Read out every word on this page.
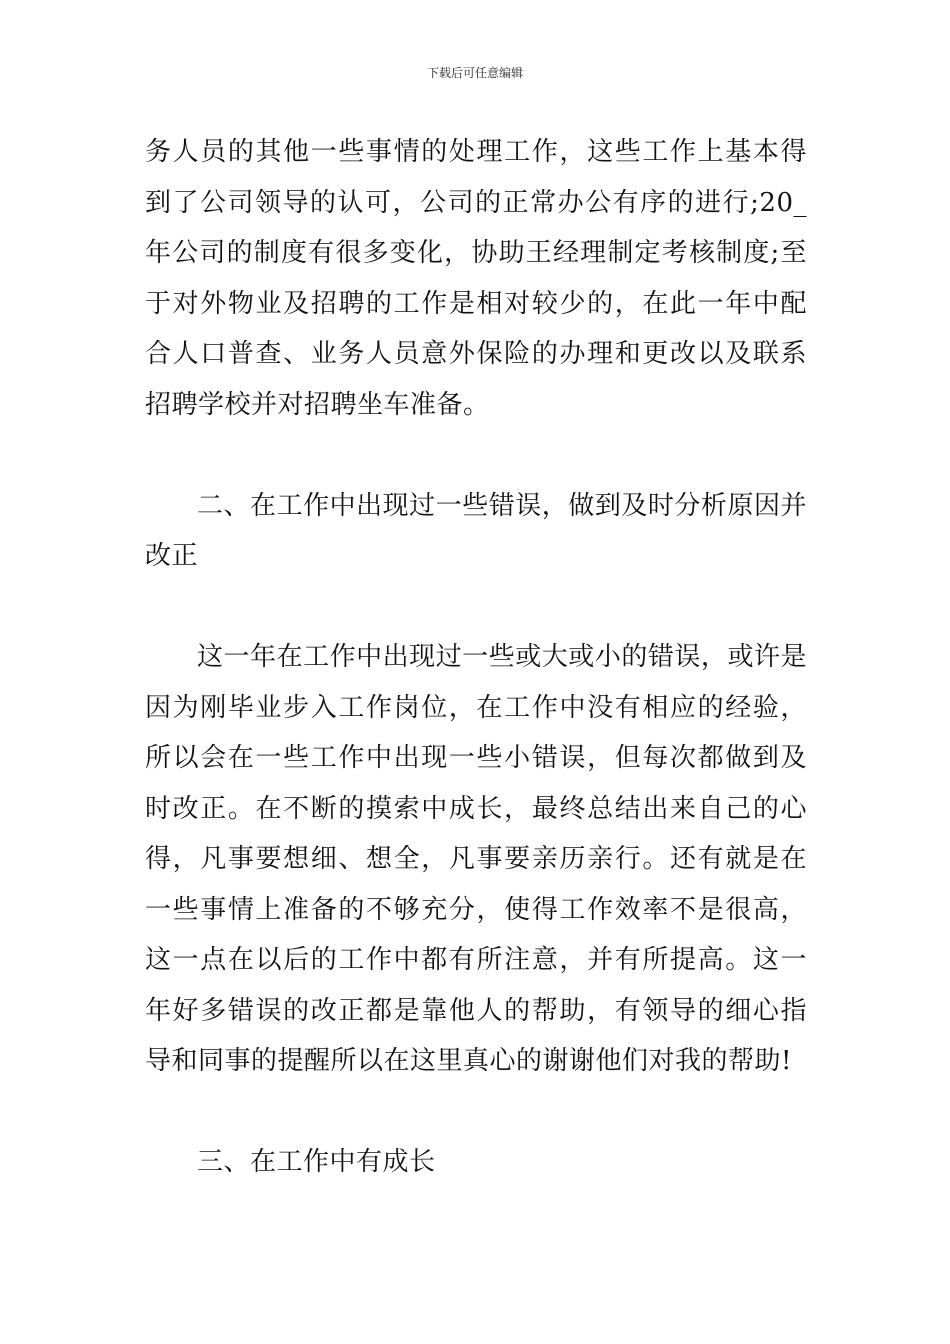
下载后可任意编辑

务人员的其他一些事情的处理工作，这些工作上基本得到了公司领导的认可，公司的正常办公有序的进行;20_年公司的制度有很多变化，协助王经理制定考核制度;至于对外物业及招聘的工作是相对较少的，在此一年中配合人口普查、业务人员意外保险的办理和更改以及联系招聘学校并对招聘坐车准备。

二、在工作中出现过一些错误，做到及时分析原因并改正

这一年在工作中出现过一些或大或小的错误，或许是因为刚毕业步入工作岗位，在工作中没有相应的经验，所以会在一些工作中出现一些小错误，但每次都做到及时改正。在不断的摸索中成长，最终总结出来自己的心得，凡事要想细、想全，凡事要亲历亲行。还有就是在一些事情上准备的不够充分，使得工作效率不是很高，这一点在以后的工作中都有所注意，并有所提高。这一年好多错误的改正都是靠他人的帮助，有领导的细心指导和同事的提醒所以在这里真心的谢谢他们对我的帮助!

三、在工作中有成长
